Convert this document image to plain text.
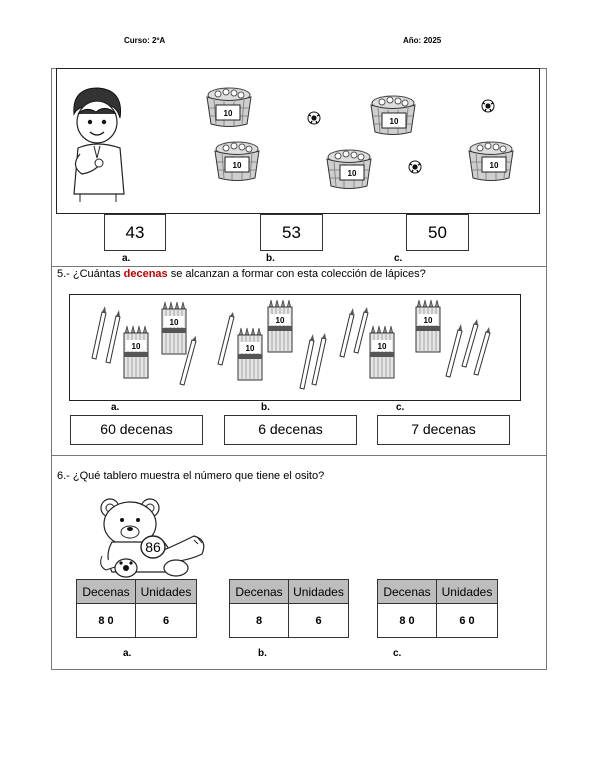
Curso: 2ºA	Año: 2025
10
10
10
10
10
43	53	50
a.	b.	c.
5.- ¿Cuántas decenas se alcanzan a formar con esta colección de lápices?
10
10
10
10
10
10
a.	b.	c.
60 decenas	6 decenas	7 decenas
6.- ¿Qué tablero muestra el número que tiene el osito?
86
Decenas	Unidades
8 0	6
Decenas	Unidades
8	6
Decenas	Unidades
8 0	6 0
a.	b.	c.
